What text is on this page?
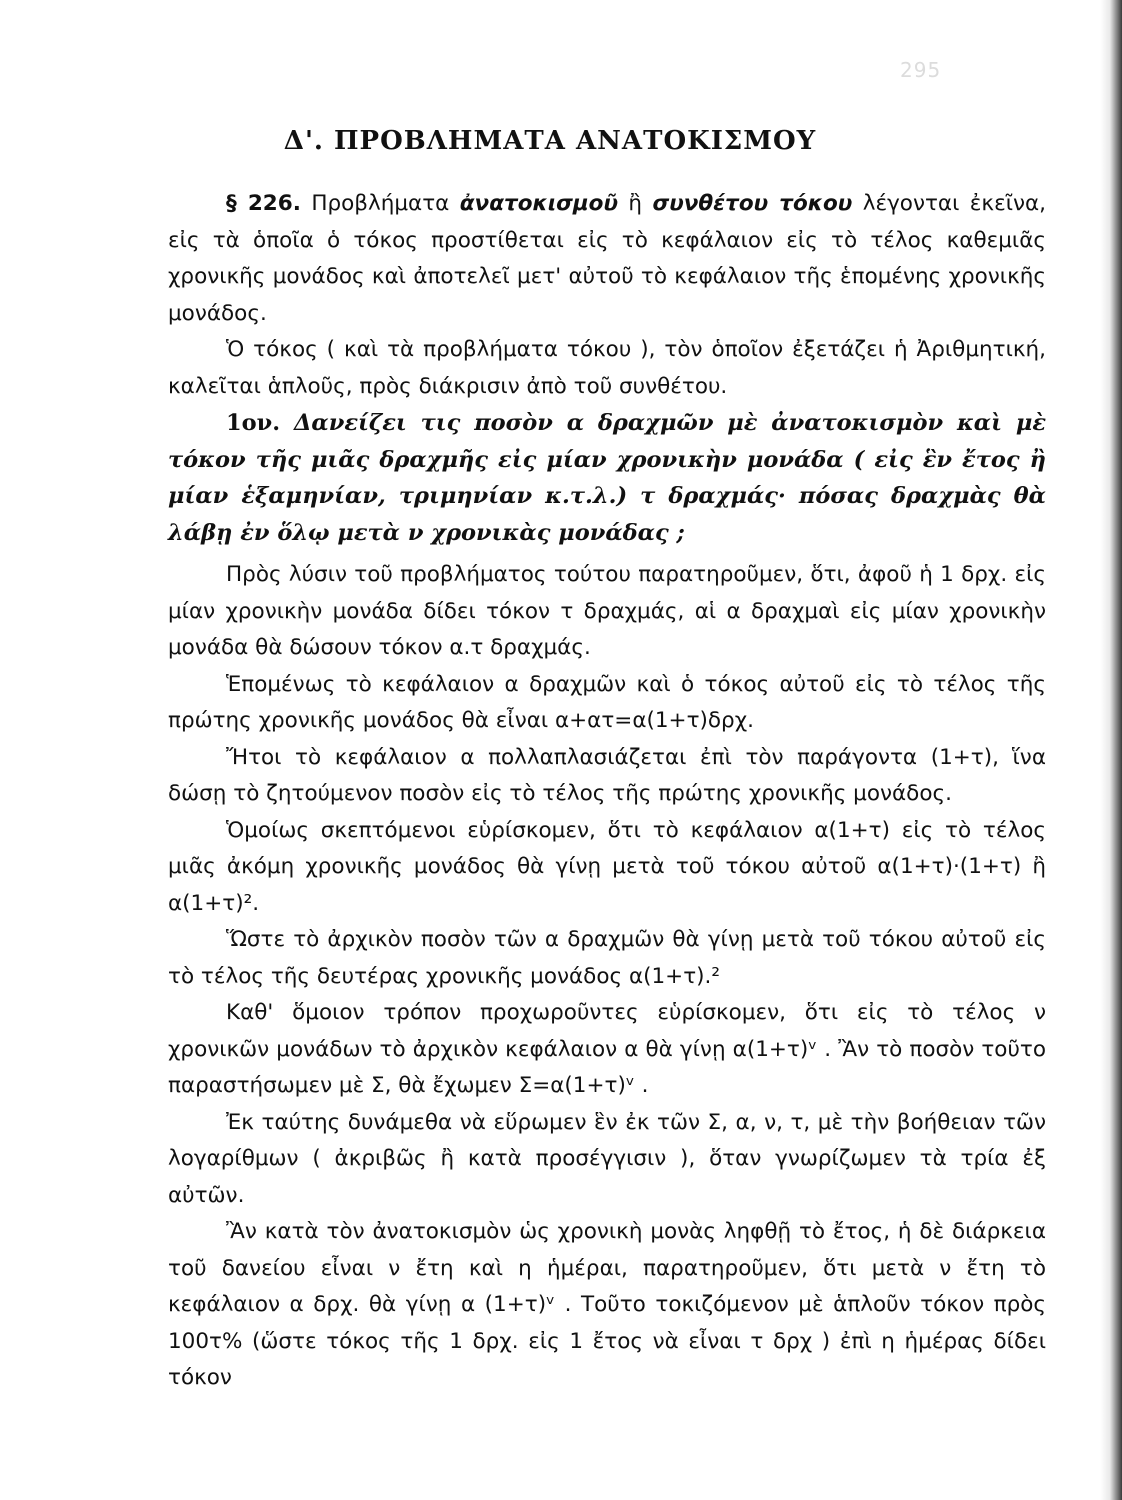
295
Δ'. ΠΡΟΒΛΗΜΑΤΑ ΑΝΑΤΟΚΙΣΜΟΥ

§ 226. Προβλήματα ἀνατοκισμοῦ ἢ συνθέτου τόκου λέγονται ἐκεῖνα, εἰς τὰ ὁποῖα ὁ τόκος προστίθεται εἰς τὸ κεφάλαιον εἰς τὸ τέλος καθεμιᾶς χρονικῆς μονάδος καὶ ἀποτελεῖ μετ' αὐτοῦ τὸ κεφάλαιον τῆς ἑπομένης χρονικῆς μονάδος.

Ὁ τόκος ( καὶ τὰ προβλήματα τόκου ), τὸν ὁποῖον ἐξετάζει ἡ Ἀριθμητική, καλεῖται ἁπλοῦς, πρὸς διάκρισιν ἀπὸ τοῦ συνθέτου.

1ον. Δανείζει τις ποσὸν α δραχμῶν μὲ ἀνατοκισμὸν καὶ μὲ τόκον τῆς μιᾶς δραχμῆς εἰς μίαν χρονικὴν μονάδα ( εἰς ἓν ἔτος ἢ μίαν ἑξαμηνίαν, τριμηνίαν κ.τ.λ.) τ δραχμάς· πόσας δραχμὰς θὰ λάβῃ ἐν ὅλῳ μετὰ ν χρονικὰς μονάδας ;

Πρὸς λύσιν τοῦ προβλήματος τούτου παρατηροῦμεν, ὅτι, ἀφοῦ ἡ 1 δρχ. εἰς μίαν χρονικὴν μονάδα δίδει τόκον τ δραχμάς, αἱ α δραχμαὶ εἰς μίαν χρονικὴν μονάδα θὰ δώσουν τόκον α.τ δραχμάς.

Ἑπομένως τὸ κεφάλαιον α δραχμῶν καὶ ὁ τόκος αὐτοῦ εἰς τὸ τέλος τῆς πρώτης χρονικῆς μονάδος θὰ εἶναι α+ατ=α(1+τ)δρχ.

Ἤτοι τὸ κεφάλαιον α πολλαπλασιάζεται ἐπὶ τὸν παράγοντα (1+τ), ἵνα δώσῃ τὸ ζητούμενον ποσὸν εἰς τὸ τέλος τῆς πρώτης χρονικῆς μονάδος.

Ὁμοίως σκεπτόμενοι εὑρίσκομεν, ὅτι τὸ κεφάλαιον α(1+τ) εἰς τὸ τέλος μιᾶς ἀκόμη χρονικῆς μονάδος θὰ γίνῃ μετὰ τοῦ τόκου αὐτοῦ α(1+τ)·(1+τ) ἢ α(1+τ)².

Ὥστε τὸ ἀρχικὸν ποσὸν τῶν α δραχμῶν θὰ γίνῃ μετὰ τοῦ τόκου αὐτοῦ εἰς τὸ τέλος τῆς δευτέρας χρονικῆς μονάδος α(1+τ).²

Καθ' ὅμοιον τρόπον προχωροῦντες εὑρίσκομεν, ὅτι εἰς τὸ τέλος ν χρονικῶν μονάδων τὸ ἀρχικὸν κεφάλαιον α θὰ γίνῃ α(1+τ)ᵛ . Ἂν τὸ ποσὸν τοῦτο παραστήσωμεν μὲ Σ, θὰ ἔχωμεν Σ=α(1+τ)ᵛ .

Ἐκ ταύτης δυνάμεθα νὰ εὕρωμεν ἓν ἐκ τῶν Σ, α, ν, τ, μὲ τὴν βοήθειαν τῶν λογαρίθμων ( ἀκριβῶς ἢ κατὰ προσέγγισιν ), ὅταν γνωρίζωμεν τὰ τρία ἐξ αὐτῶν.

Ἂν κατὰ τὸν ἀνατοκισμὸν ὡς χρονικὴ μονὰς ληφθῇ τὸ ἔτος, ἡ δὲ διάρκεια τοῦ δανείου εἶναι ν ἔτη καὶ η ἡμέραι, παρατηροῦμεν, ὅτι μετὰ ν ἔτη τὸ κεφάλαιον α δρχ. θὰ γίνῃ α (1+τ)ᵛ . Τοῦτο τοκιζόμενον μὲ ἁπλοῦν τόκον πρὸς 100τ% (ὥστε τόκος τῆς 1 δρχ. εἰς 1 ἔτος νὰ εἶναι τ δρχ ) ἐπὶ η ἡμέρας δίδει τόκον
